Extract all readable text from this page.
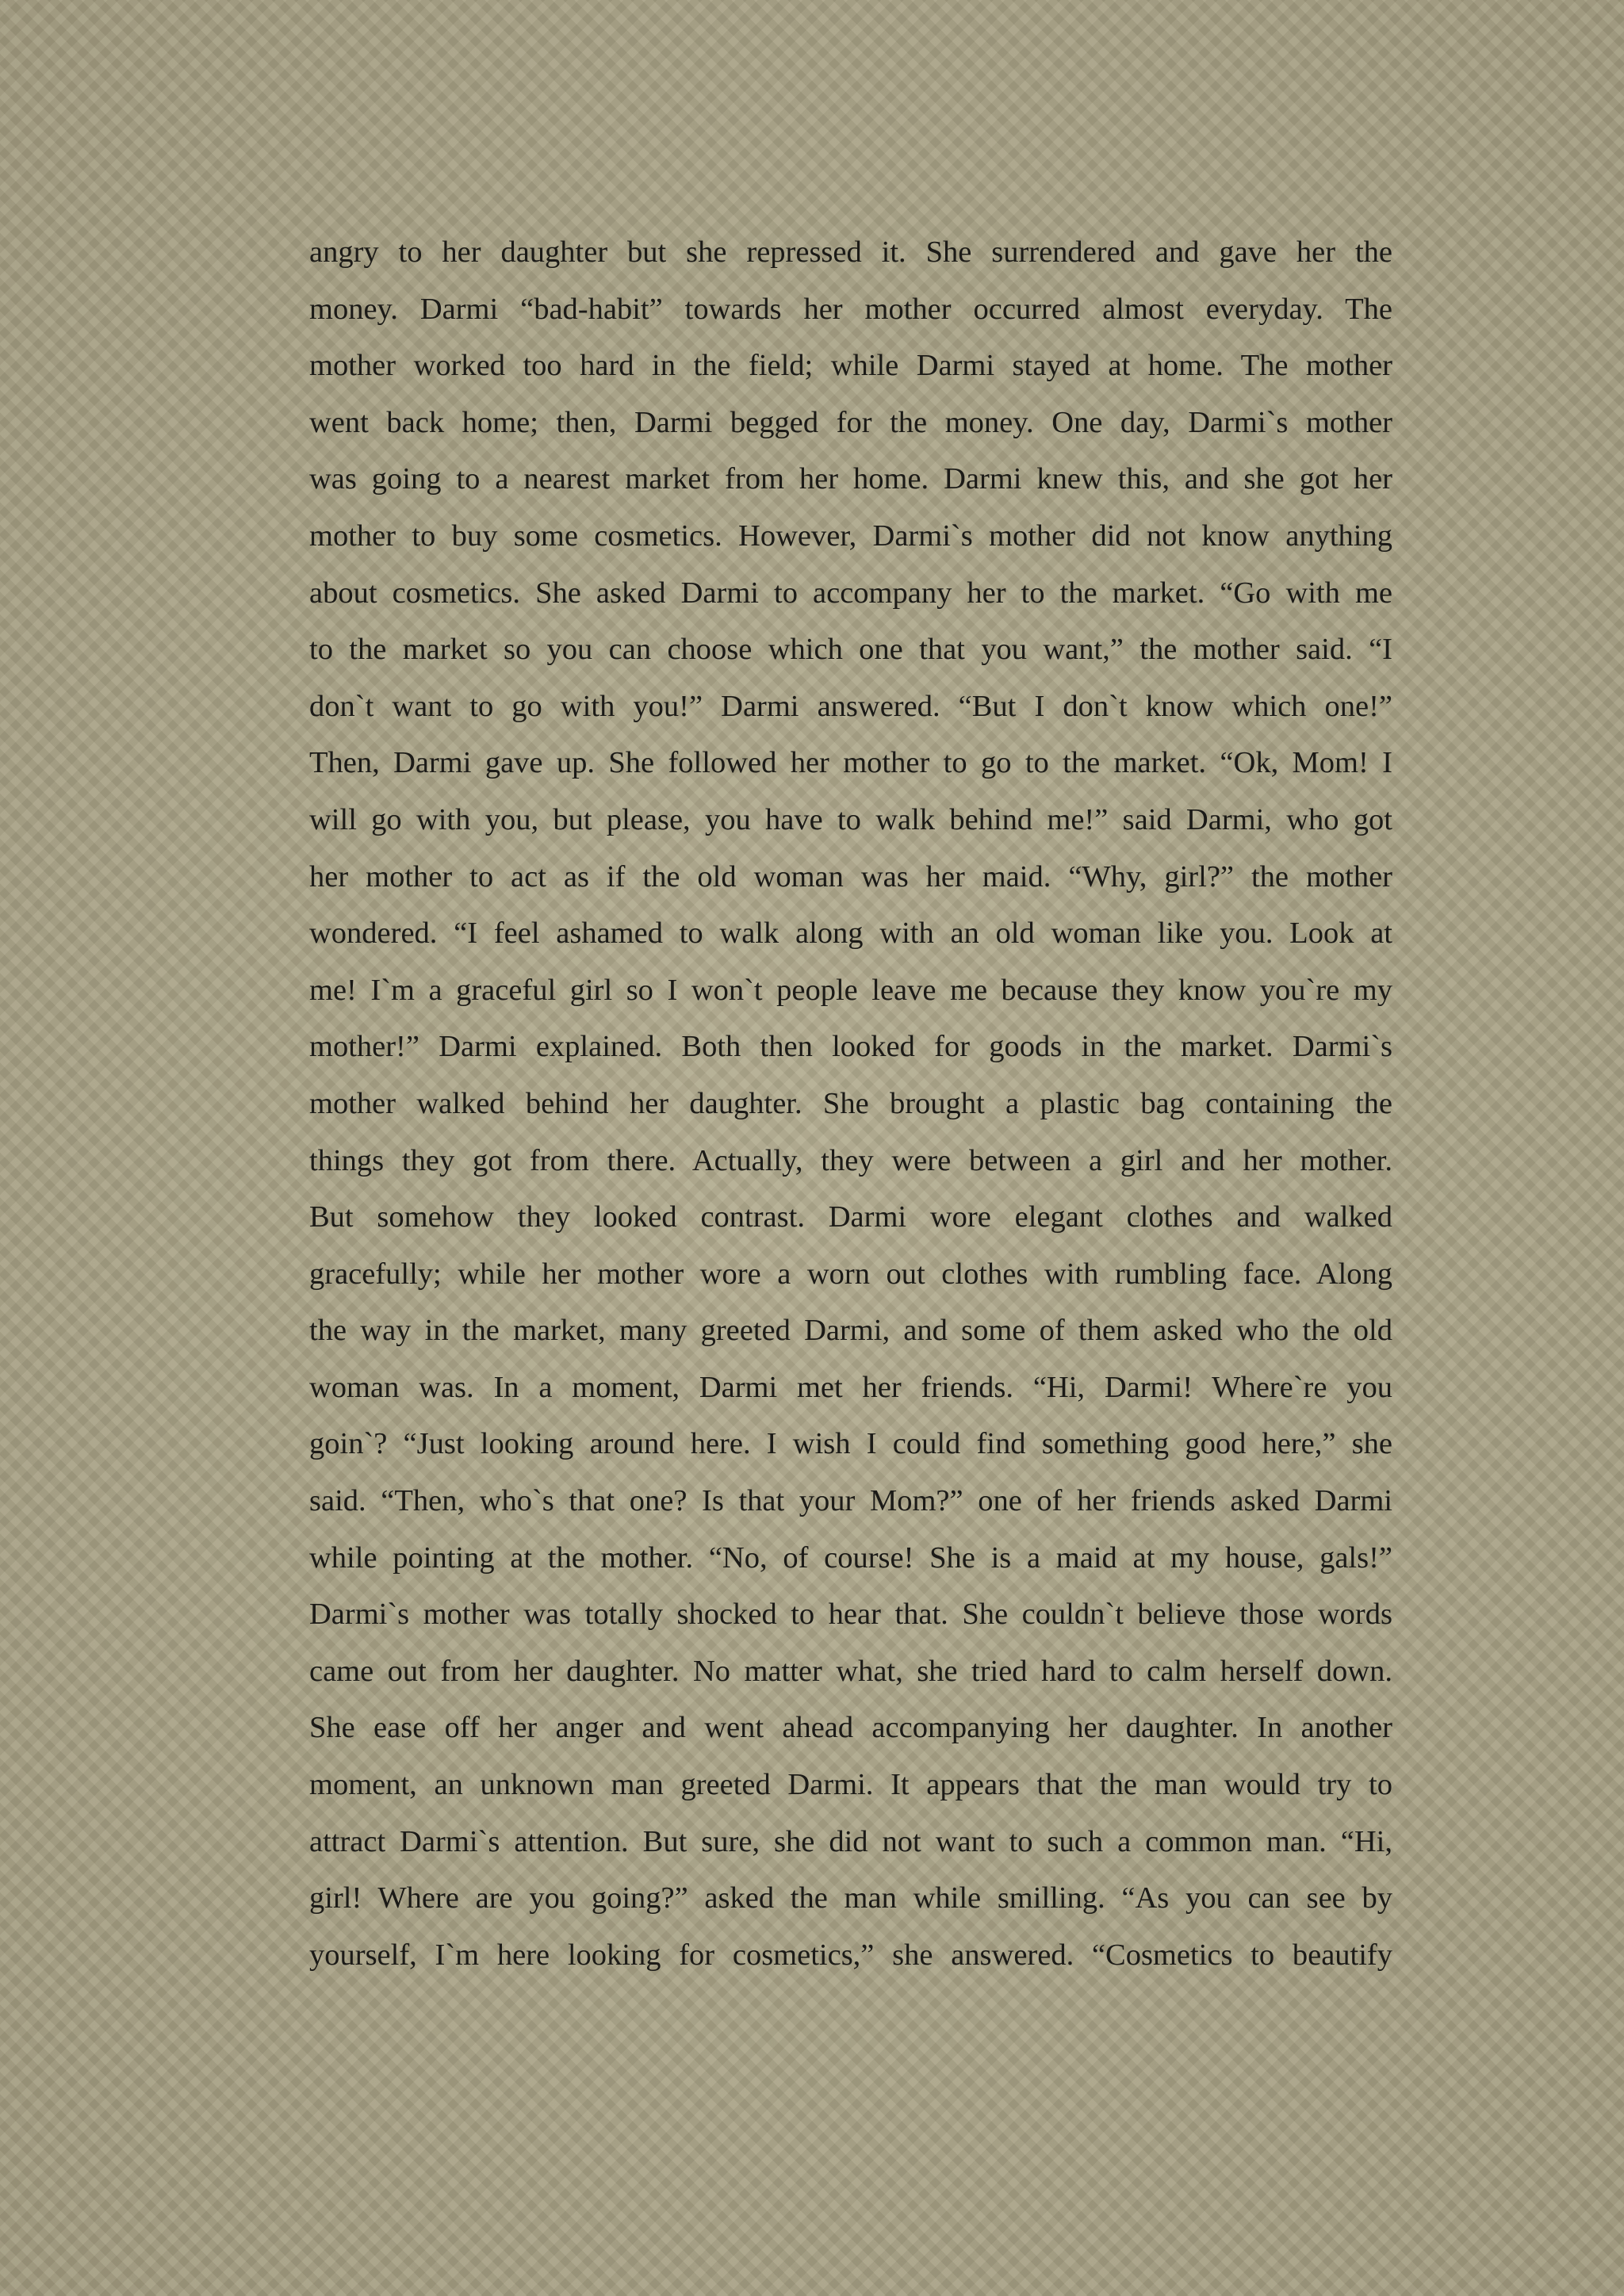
angry to her daughter but she repressed it. She surrendered and gave her the
money. Darmi “bad-habit” towards her mother occurred almost everyday. The
mother worked too hard in the field; while Darmi stayed at home. The mother
went back home; then, Darmi begged for the money. One day, Darmi`s mother
was going to a nearest market from her home. Darmi knew this, and she got her
mother to buy some cosmetics. However, Darmi`s mother did not know anything
about cosmetics. She asked Darmi to accompany her to the market. “Go with me
to the market so you can choose which one that you want,” the mother said. “I
don`t want to go with you!” Darmi answered. “But I don`t know which one!”
Then, Darmi gave up. She followed her mother to go to the market. “Ok, Mom! I
will go with you, but please, you have to walk behind me!” said Darmi, who got
her mother to act as if the old woman was her maid. “Why, girl?” the mother
wondered. “I feel ashamed to walk along with an old woman like you. Look at
me! I`m a graceful girl so I won`t people leave me because they know you`re my
mother!” Darmi explained. Both then looked for goods in the market. Darmi`s
mother walked behind her daughter. She brought a plastic bag containing the
things they got from there. Actually, they were between a girl and her mother.
But somehow they looked contrast. Darmi wore elegant clothes and walked
gracefully; while her mother wore a worn out clothes with rumbling face. Along
the way in the market, many greeted Darmi, and some of them asked who the old
woman was. In a moment, Darmi met her friends. “Hi, Darmi! Where`re you
goin`? “Just looking around here. I wish I could find something good here,” she
said. “Then, who`s that one? Is that your Mom?” one of her friends asked Darmi
while pointing at the mother. “No, of course! She is a maid at my house, gals!”
Darmi`s mother was totally shocked to hear that. She couldn`t believe those words
came out from her daughter. No matter what, she tried hard to calm herself down.
She ease off her anger and went ahead accompanying her daughter. In another
moment, an unknown man greeted Darmi. It appears that the man would try to
attract Darmi`s attention. But sure, she did not want to such a common man. “Hi,
girl! Where are you going?” asked the man while smilling. “As you can see by
yourself, I`m here looking for cosmetics,” she answered. “Cosmetics to beautify
